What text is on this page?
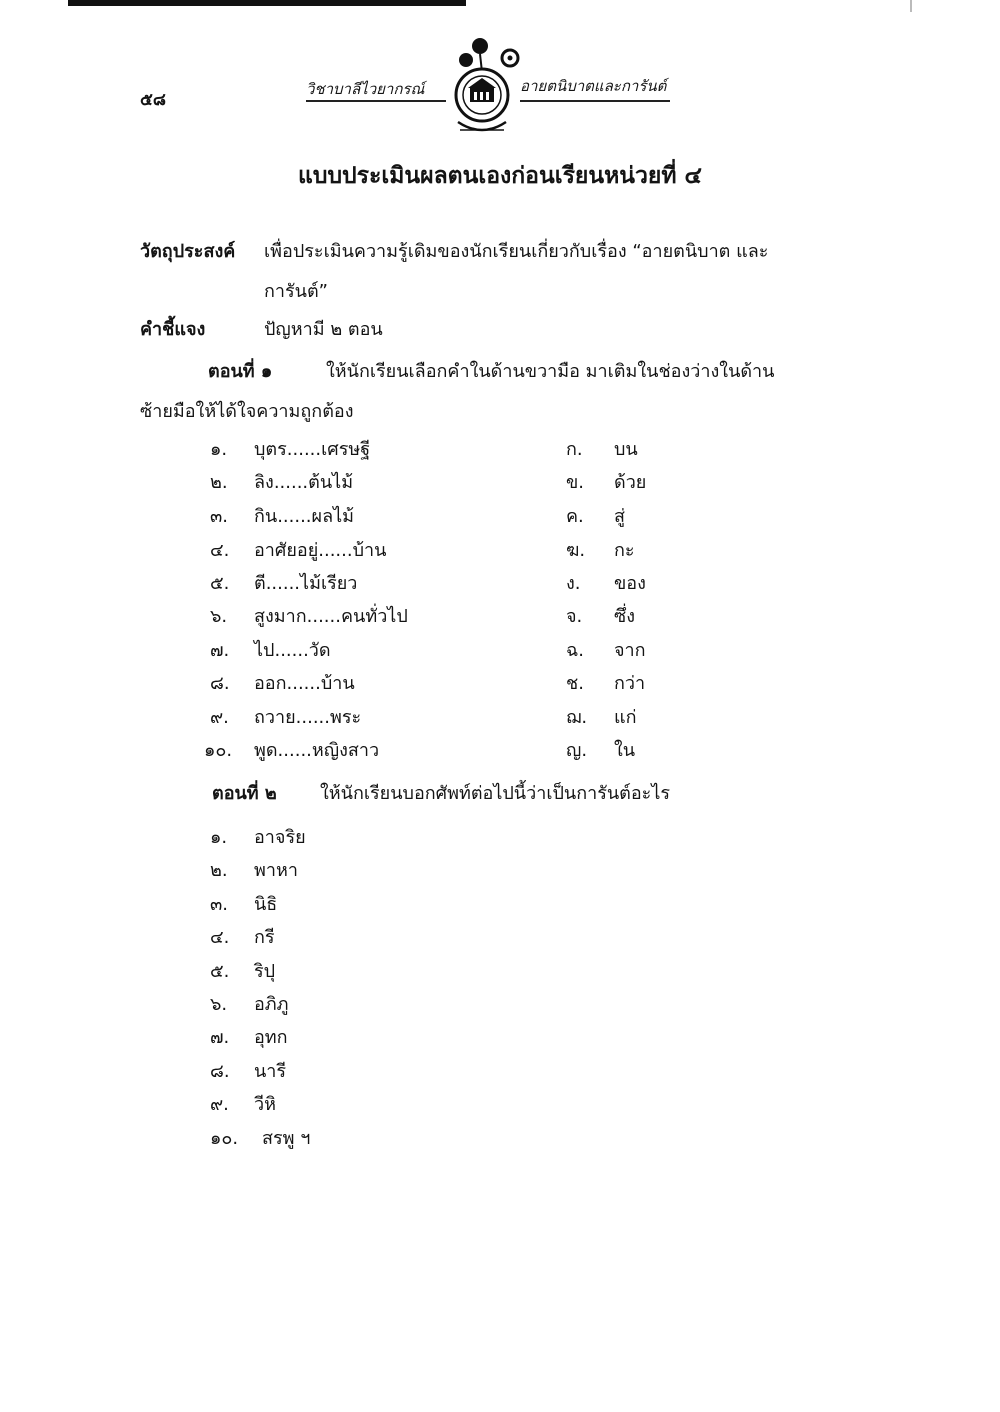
๕๘
วิชาบาลีไวยากรณ์	อายตนิบาตและการันต์
แบบประเมินผลตนเองก่อนเรียนหน่วยที่ ๔
วัตถุประสงค์ เพื่อประเมินความรู้เดิมของนักเรียนเกี่ยวกับเรื่อง “อายตนิบาต และ
การันต์”
คำชี้แจง	ปัญหามี ๒ ตอน
ตอนที่ ๑	ให้นักเรียนเลือกคำในด้านขวามือ มาเติมในช่องว่างในด้าน
ซ้ายมือให้ได้ใจความถูกต้อง
๑. บุตร......เศรษฐี	ก. บน
๒. ลิง......ต้นไม้	ข. ด้วย
๓. กิน......ผลไม้	ค. สู่
๔. อาศัยอยู่......บ้าน	ฆ. กะ
๕. ตี......ไม้เรียว	ง. ของ
๖. สูงมาก......คนทั่วไป	จ. ซึ่ง
๗. ไป......วัด	ฉ. จาก
๘. ออก......บ้าน	ช. กว่า
๙. ถวาย......พระ	ฌ. แก่
๑๐. พูด......หญิงสาว	ญ. ใน
ตอนที่ ๒ ให้นักเรียนบอกศัพท์ต่อไปนี้ว่าเป็นการันต์อะไร
๑. อาจริย
๒. พาหา
๓. นิธิ
๔. กรี
๕. ริปุ
๖. อภิภู
๗. อุทก
๘. นารี
๙. วีหิ
๑๐. สรพู ฯ
